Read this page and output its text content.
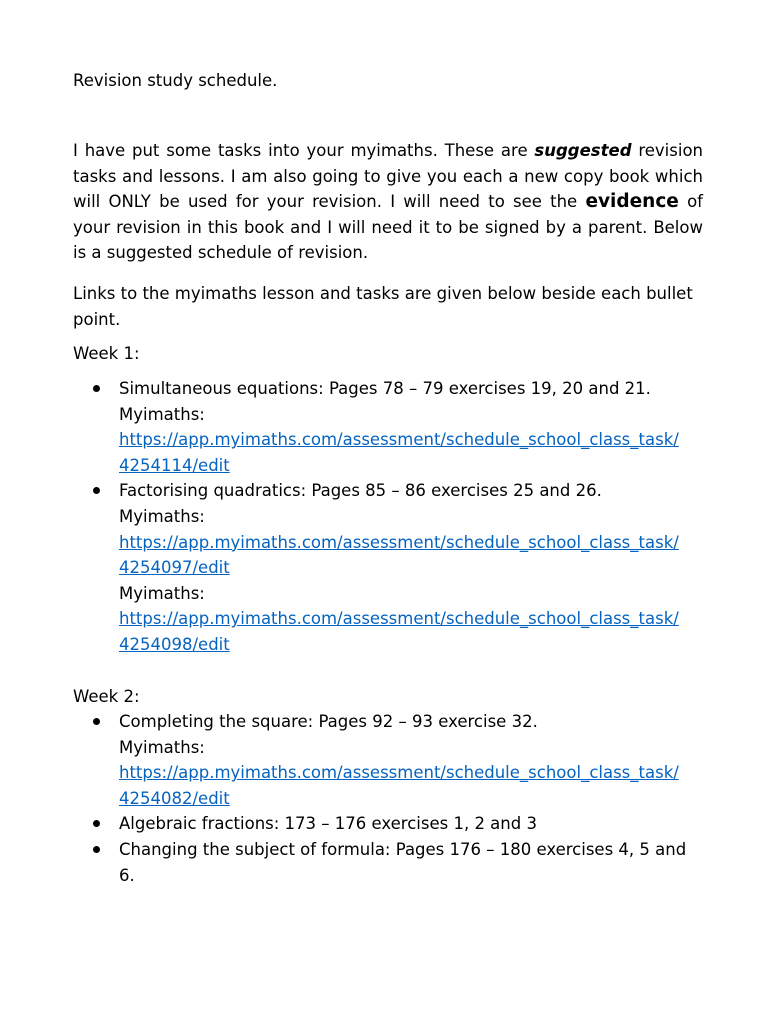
Revision study schedule.

I have put some tasks into your myimaths. These are suggested revision tasks and lessons. I am also going to give you each a new copy book which will ONLY be used for your revision. I will need to see the evidence of your revision in this book and I will need it to be signed by a parent. Below is a suggested schedule of revision.

Links to the myimaths lesson and tasks are given below beside each bullet point.

Week 1:

Simultaneous equations: Pages 78 – 79 exercises 19, 20 and 21.
Myimaths:
https://app.myimaths.com/assessment/schedule_school_class_task/
4254114/edit
Factorising quadratics: Pages 85 – 86 exercises 25 and 26.
Myimaths:
https://app.myimaths.com/assessment/schedule_school_class_task/
4254097/edit
Myimaths:
https://app.myimaths.com/assessment/schedule_school_class_task/
4254098/edit

Week 2:

Completing the square: Pages 92 – 93 exercise 32.
Myimaths:
https://app.myimaths.com/assessment/schedule_school_class_task/
4254082/edit
Algebraic fractions: 173 – 176 exercises 1, 2 and 3
Changing the subject of formula: Pages 176 – 180 exercises 4, 5 and
6.
